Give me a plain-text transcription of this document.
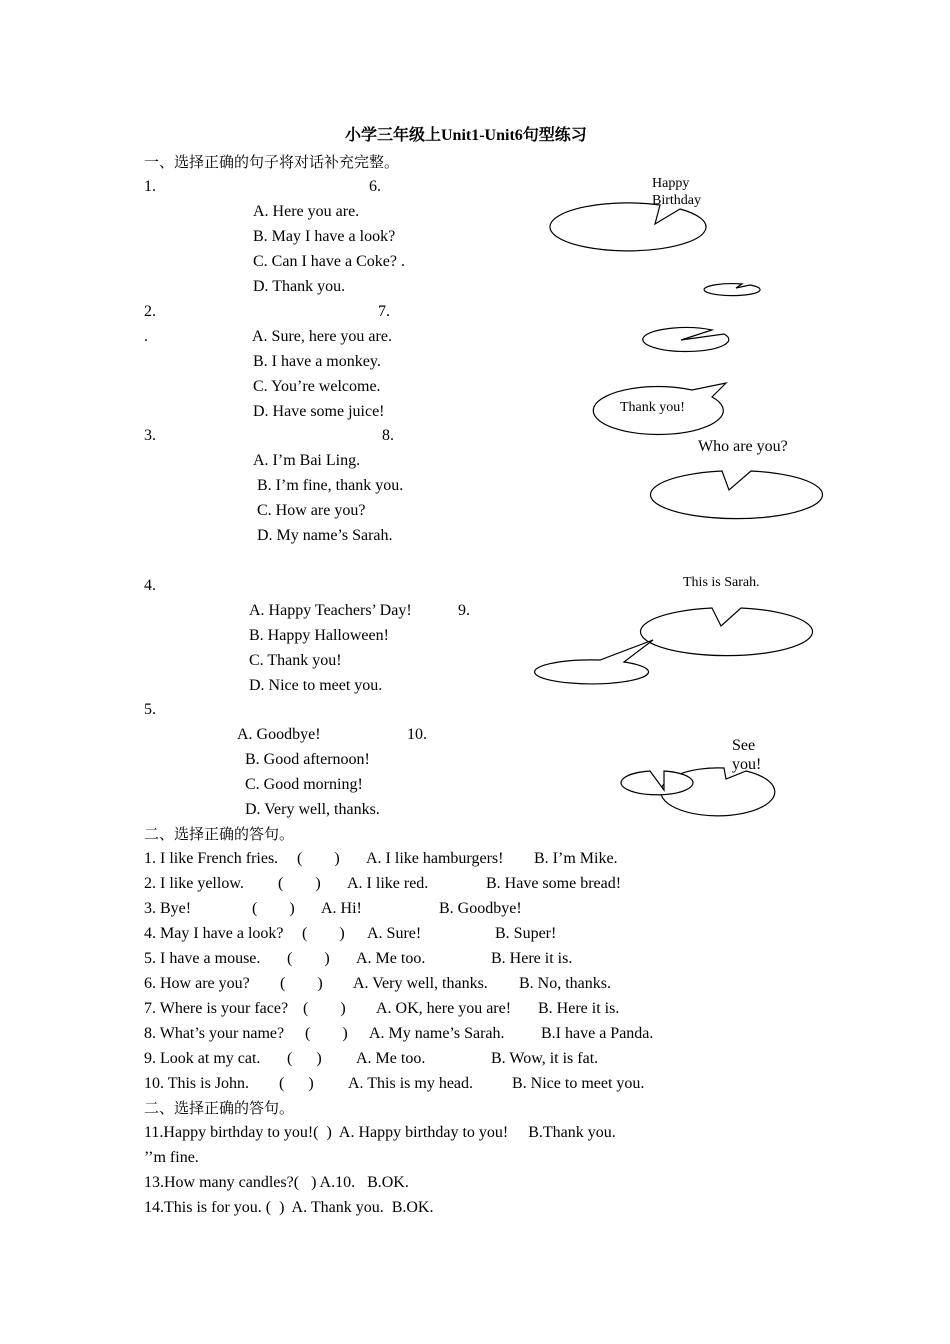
小学三年级上Unit1-Unit6句型练习
一、选择正确的句子将对话补充完整。
1.	6.
A. Here you are.
B. May I have a look?
C. Can I have a Coke? .
D. Thank you.
2.	7.
.	A. Sure, here you are.
B. I have a monkey.
C. You’re welcome.
D. Have some juice!
3.	8.
A. I’m Bai Ling.
B. I’m fine, thank you.
C. How are you?
D. My name’s Sarah.
4.
A. Happy Teachers’ Day!	9.
B. Happy Halloween!
C. Thank you!
D. Nice to meet you.
5.
A. Goodbye!	10.
B. Good afternoon!
C. Good morning!
D. Very well, thanks.
Happy
Birthday
Thank you!
Who are you?
This is Sarah.
See
you!
二、选择正确的答句。
1. I like French fries. (        ) A. I like hamburgers! B. I’m Mike.
2. I like yellow. (        ) A. I like red.	B. Have some bread!
3. Bye!	(        ) A. Hi!	B. Goodbye!
4. May I have a look? (        ) A. Sure!	B. Super!
5. I have a mouse. (        ) A. Me too.	B. Here it is.
6. How are you? (        ) A. Very well, thanks. B. No, thanks.
7. Where is your face? (        ) A. OK, here you are! B. Here it is.
8. What’s your name? (        ) A. My name’s Sarah. B.I have a Panda.
9. Look at my cat. (      ) A. Me too.	B. Wow, it is fat.
10. This is John. (      ) A. This is my head. B. Nice to meet you.
二、选择正确的答句。
11.Happy birthday to you!(  )  A. Happy birthday to you!     B.Thank you.
’’m fine.
13.How many candles?(   ) A.10.   B.OK.
14.This is for you. (  )  A. Thank you.  B.OK.
